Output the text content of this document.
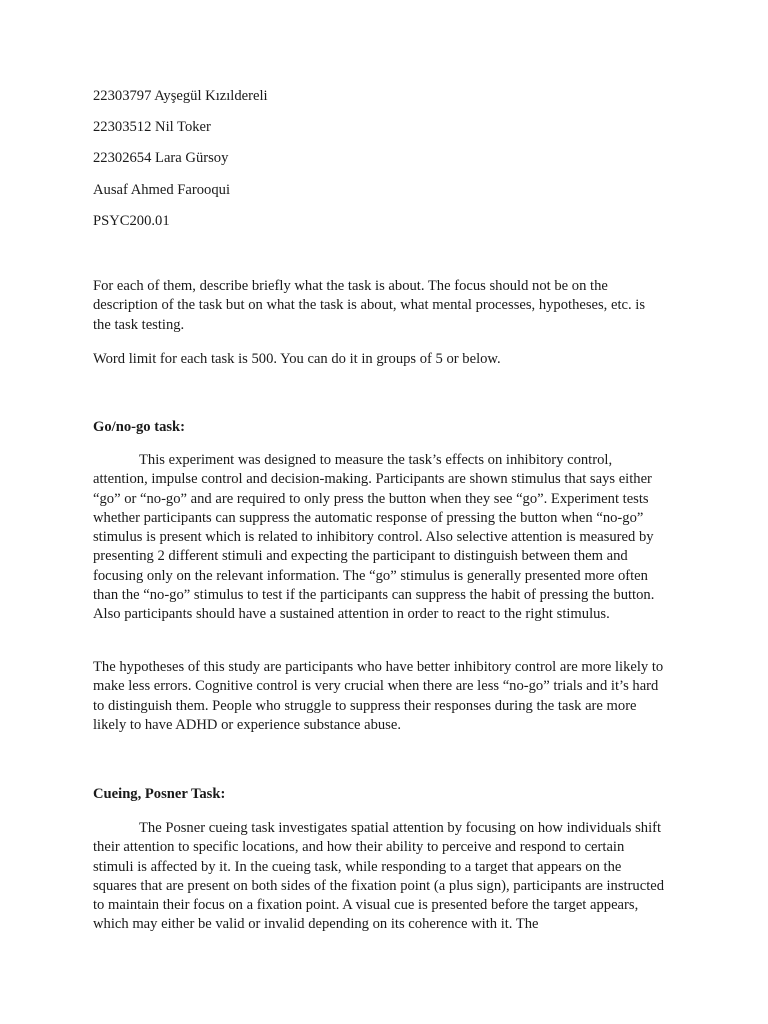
22303797 Ayşegül Kızıldereli
22303512 Nil Toker
22302654 Lara Gürsoy
Ausaf Ahmed Farooqui
PSYC200.01

For each of them, describe briefly what the task is about. The focus should not be on the description of the task but on what the task is about, what mental processes, hypotheses, etc. is the task testing.

Word limit for each task is 500. You can do it in groups of 5 or below.

Go/no-go task:

This experiment was designed to measure the task’s effects on inhibitory control, attention, impulse control and decision-making. Participants are shown stimulus that says either “go” or “no-go” and are required to only press the button when they see “go”. Experiment tests whether participants can suppress the automatic response of pressing the button when “no-go” stimulus is present which is related to inhibitory control. Also selective attention is measured by presenting 2 different stimuli and expecting the participant to distinguish between them and focusing only on the relevant information. The “go” stimulus is generally presented more often than the “no-go” stimulus to test if the participants can suppress the habit of pressing the button. Also participants should have a sustained attention in order to react to the right stimulus.

The hypotheses of this study are participants who have better inhibitory control are more likely to make less errors. Cognitive control is very crucial when there are less “no-go” trials and it’s hard to distinguish them. People who struggle to suppress their responses during the task are more likely to have ADHD or experience substance abuse.

Cueing, Posner Task:

The Posner cueing task investigates spatial attention by focusing on how individuals shift their attention to specific locations, and how their ability to perceive and respond to certain stimuli is affected by it. In the cueing task, while responding to a target that appears on the squares that are present on both sides of the fixation point (a plus sign), participants are instructed to maintain their focus on a fixation point. A visual cue is presented before the target appears, which may either be valid or invalid depending on its coherence with it. The
